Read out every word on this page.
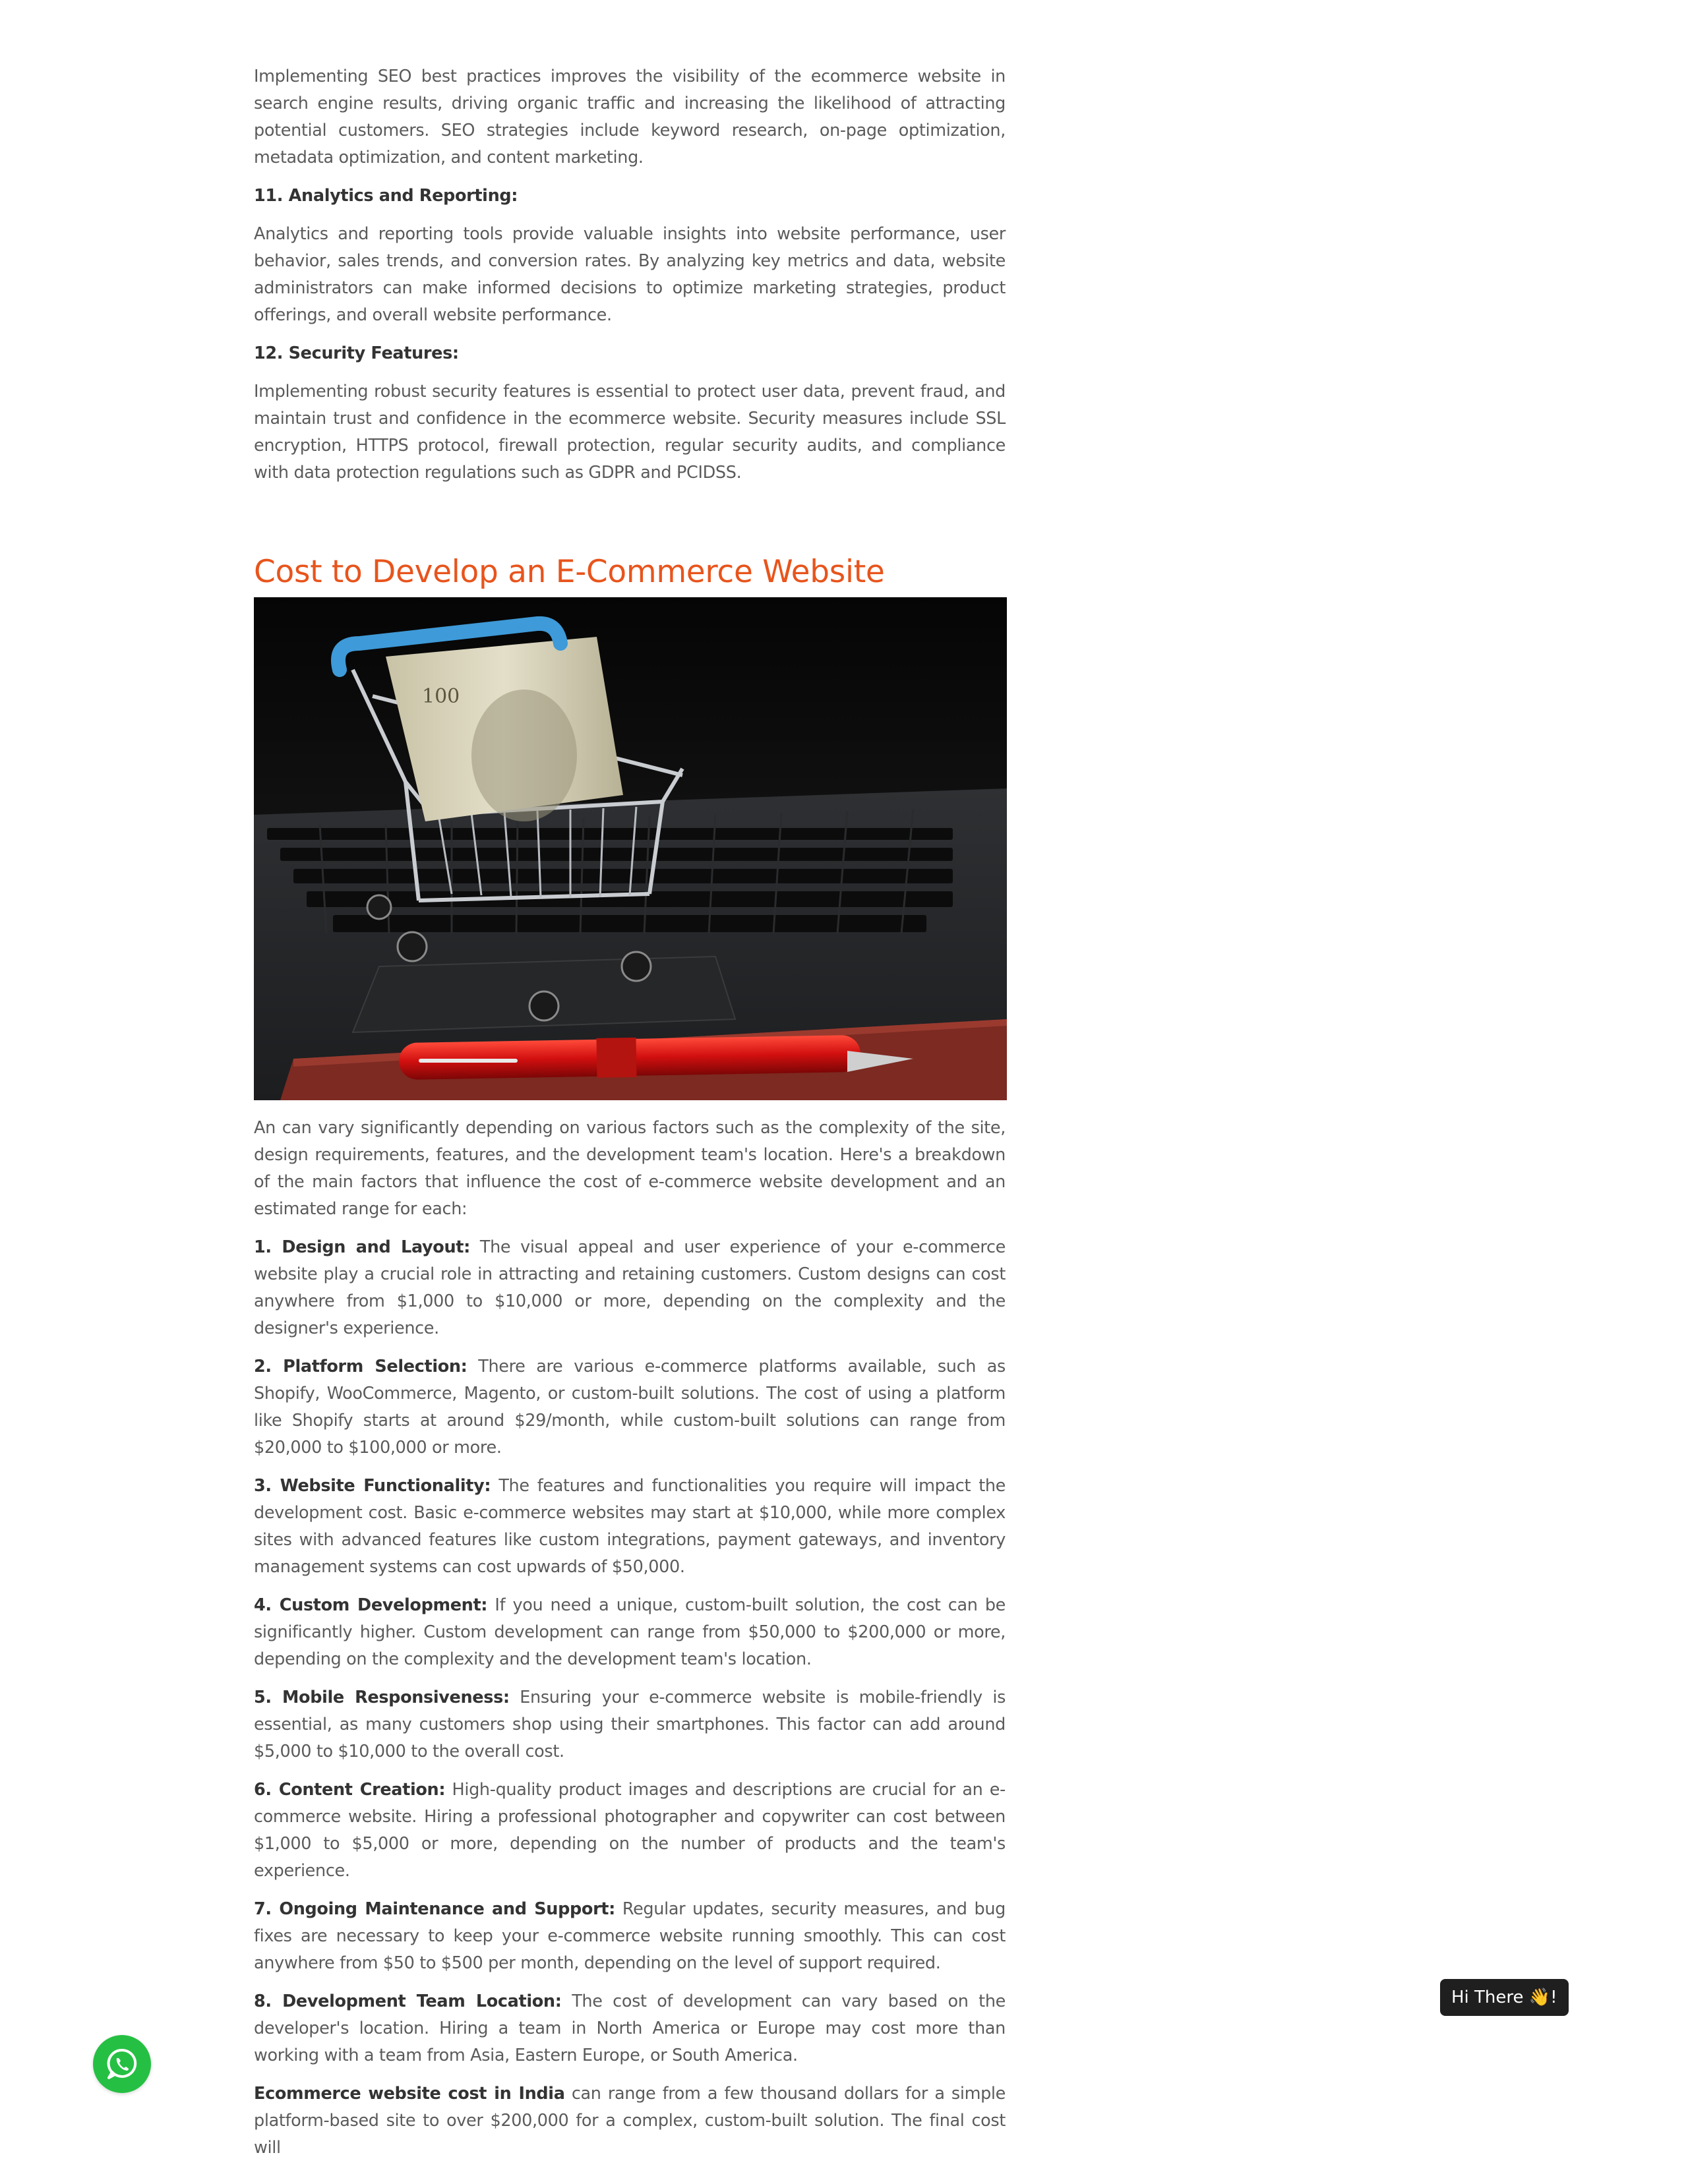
Implementing SEO best practices improves the visibility of the ecommerce website in search engine results, driving organic traffic and increasing the likelihood of attracting potential customers. SEO strategies include keyword research, on-page optimization, metadata optimization, and content marketing.

11. Analytics and Reporting:

Analytics and reporting tools provide valuable insights into website performance, user behavior, sales trends, and conversion rates. By analyzing key metrics and data, website administrators can make informed decisions to optimize marketing strategies, product offerings, and overall website performance.

12. Security Features:

Implementing robust security features is essential to protect user data, prevent fraud, and maintain trust and confidence in the ecommerce website. Security measures include SSL encryption, HTTPS protocol, firewall protection, regular security audits, and compliance with data protection regulations such as GDPR and PCIDSS.

Cost to Develop an E-Commerce Website
100

An can vary significantly depending on various factors such as the complexity of the site, design requirements, features, and the development team's location. Here's a breakdown of the main factors that influence the cost of e-commerce website development and an estimated range for each:

1. Design and Layout: The visual appeal and user experience of your e-commerce website play a crucial role in attracting and retaining customers. Custom designs can cost anywhere from $1,000 to $10,000 or more, depending on the complexity and the designer's experience.

2. Platform Selection: There are various e-commerce platforms available, such as Shopify, WooCommerce, Magento, or custom-built solutions. The cost of using a platform like Shopify starts at around $29/month, while custom-built solutions can range from $20,000 to $100,000 or more.

3. Website Functionality: The features and functionalities you require will impact the development cost. Basic e-commerce websites may start at $10,000, while more complex sites with advanced features like custom integrations, payment gateways, and inventory management systems can cost upwards of $50,000.

4. Custom Development: If you need a unique, custom-built solution, the cost can be significantly higher. Custom development can range from $50,000 to $200,000 or more, depending on the complexity and the development team's location.

5. Mobile Responsiveness: Ensuring your e-commerce website is mobile-friendly is essential, as many customers shop using their smartphones. This factor can add around $5,000 to $10,000 to the overall cost.

6. Content Creation: High-quality product images and descriptions are crucial for an e-commerce website. Hiring a professional photographer and copywriter can cost between $1,000 to $5,000 or more, depending on the number of products and the team's experience.

7. Ongoing Maintenance and Support: Regular updates, security measures, and bug fixes are necessary to keep your e-commerce website running smoothly. This can cost anywhere from $50 to $500 per month, depending on the level of support required.

8. Development Team Location: The cost of development can vary based on the developer's location. Hiring a team in North America or Europe may cost more than working with a team from Asia, Eastern Europe, or South America.

Ecommerce website cost in India can range from a few thousand dollars for a simple platform-based site to over $200,000 for a complex, custom-built solution. The final cost will

Hi There 👋!
